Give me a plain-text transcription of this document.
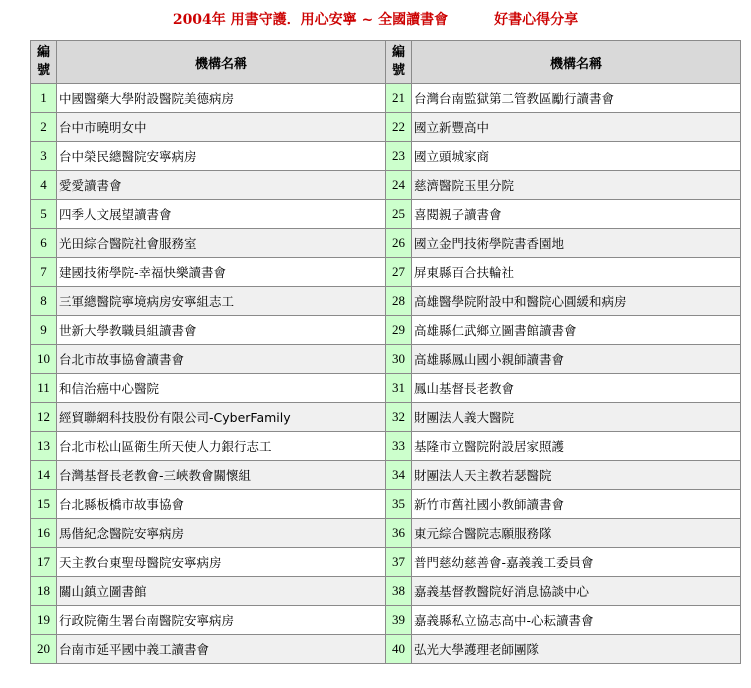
2004年 用書守護．用心安寧 ~ 全國讀書會	好書心得分享
編
號	機構名稱	編
號	機構名稱
1	中國醫藥大學附設醫院美德病房	21	台灣台南監獄第二管教區勵行讀書會
2	台中市曉明女中	22	國立新豐高中
3	台中榮民總醫院安寧病房	23	國立頭城家商
4	愛愛讀書會	24	慈濟醫院玉里分院
5	四季人文展望讀書會	25	喜閱親子讀書會
6	光田綜合醫院社會服務室	26	國立金門技術學院書香園地
7	建國技術學院-幸福快樂讀書會	27	屏東縣百合扶輪社
8	三軍總醫院寧境病房安寧組志工	28	高雄醫學院附設中和醫院心圓緩和病房
9	世新大學教職員組讀書會	29	高雄縣仁武鄉立圖書館讀書會
10	台北市故事協會讀書會	30	高雄縣鳳山國小親師讀書會
11	和信治癌中心醫院	31	鳳山基督長老教會
12	經貿聯網科技股份有限公司-CyberFamily	32	財團法人義大醫院
13	台北市松山區衛生所天使人力銀行志工	33	基隆市立醫院附設居家照護
14	台灣基督長老教會-三峽教會關懷組	34	財團法人天主教若瑟醫院
15	台北縣板橋市故事協會	35	新竹市舊社國小教師讀書會
16	馬偕紀念醫院安寧病房	36	東元綜合醫院志願服務隊
17	天主教台東聖母醫院安寧病房	37	普門慈幼慈善會-嘉義義工委員會
18	關山鎮立圖書館	38	嘉義基督教醫院好消息協談中心
19	行政院衛生署台南醫院安寧病房	39	嘉義縣私立協志高中-心耘讀書會
20	台南市延平國中義工讀書會	40	弘光大學護理老師團隊
